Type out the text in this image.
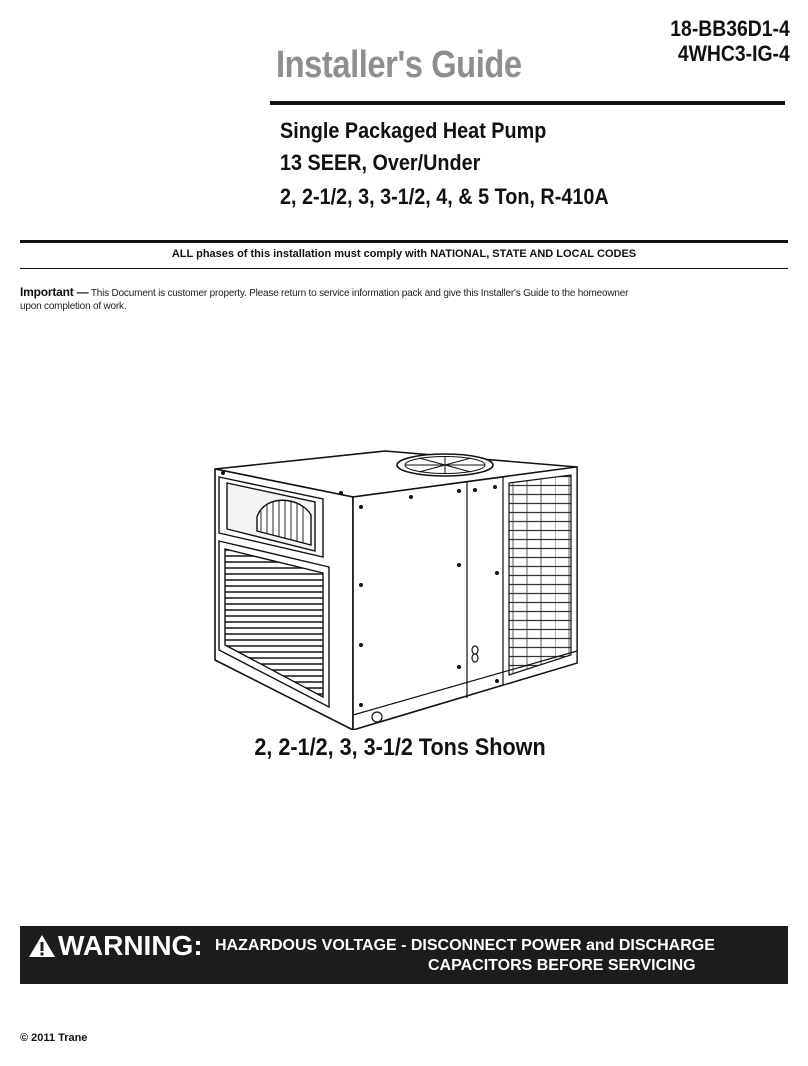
18-BB36D1-4
4WHC3-IG-4
Installer's Guide
Single Packaged Heat Pump
13 SEER, Over/Under
2, 2-1/2, 3, 3-1/2, 4, & 5 Ton, R-410A
ALL phases of this installation must comply with NATIONAL, STATE AND LOCAL CODES
Important — This Document is customer property. Please return to service information pack and give this Installer's Guide to the homeowner upon completion of work.
2, 2-1/2, 3, 3-1/2 Tons Shown
WARNING: HAZARDOUS VOLTAGE - DISCONNECT POWER and DISCHARGE
CAPACITORS BEFORE SERVICING
© 2011 Trane
